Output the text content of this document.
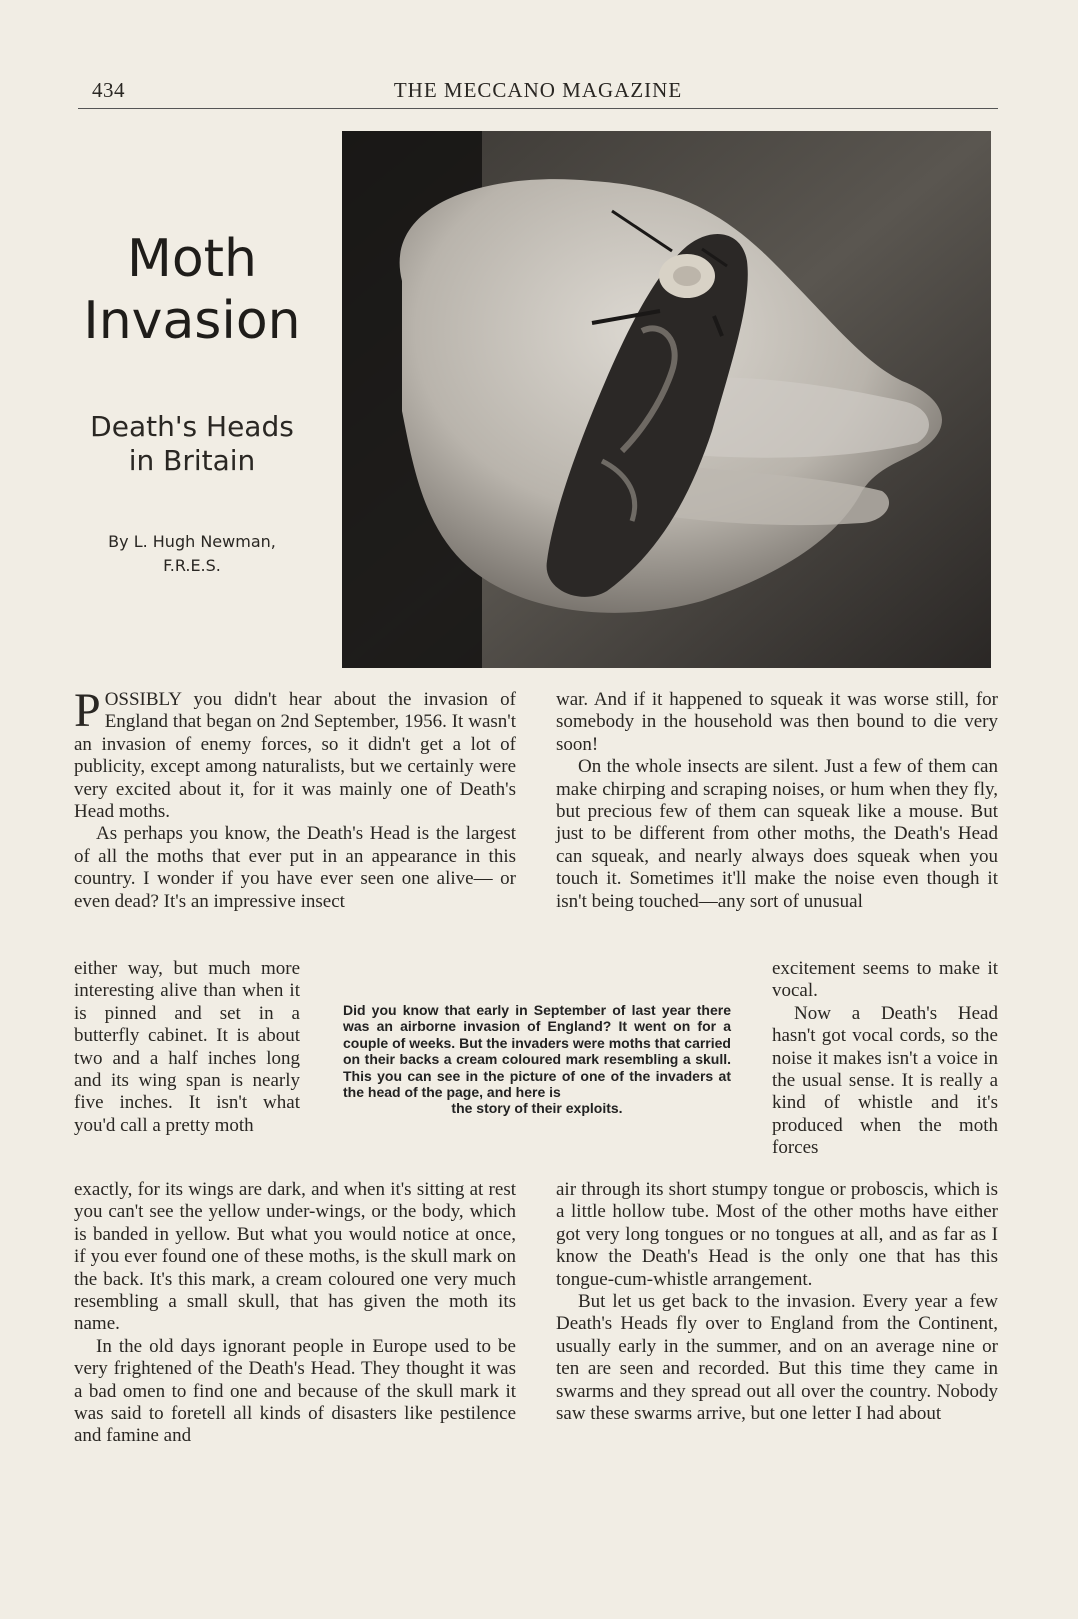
434	THE MECCANO MAGAZINE
Moth
Invasion
Death's Heads
in Britain
By L. Hugh Newman,
F.R.E.S.

POSSIBLY you didn't hear about the invasion of England that began on 2nd September, 1956. It wasn't an invasion of enemy forces, so it didn't get a lot of publicity, except among naturalists, but we certainly were very excited about it, for it was mainly one of Death's Head moths.

As perhaps you know, the Death's Head is the largest of all the moths that ever put in an appearance in this country. I wonder if you have ever seen one alive— or even dead? It's an impressive insect

either way, but much more interesting alive than when it is pinned and set in a butterfly cabinet. It is about two and a half inches long and its wing span is nearly five inches. It isn't what you'd call a pretty moth

exactly, for its wings are dark, and when it's sitting at rest you can't see the yellow under-wings, or the body, which is banded in yellow. But what you would notice at once, if you ever found one of these moths, is the skull mark on the back. It's this mark, a cream coloured one very much resembling a small skull, that has given the moth its name.

In the old days ignorant people in Europe used to be very frightened of the Death's Head. They thought it was a bad omen to find one and because of the skull mark it was said to foretell all kinds of disasters like pestilence and famine and

war. And if it happened to squeak it was worse still, for somebody in the household was then bound to die very soon!

On the whole insects are silent. Just a few of them can make chirping and scraping noises, or hum when they fly, but precious few of them can squeak like a mouse. But just to be different from other moths, the Death's Head can squeak, and nearly always does squeak when you touch it. Sometimes it'll make the noise even though it isn't being touched—any sort of unusual

excitement seems to make it vocal.

Now a Death's Head hasn't got vocal cords, so the noise it makes isn't a voice in the usual sense. It is really a kind of whistle and it's produced when the moth forces

air through its short stumpy tongue or proboscis, which is a little hollow tube. Most of the other moths have either got very long tongues or no tongues at all, and as far as I know the Death's Head is the only one that has this tongue-cum-whistle arrangement.

But let us get back to the invasion. Every year a few Death's Heads fly over to England from the Continent, usually early in the summer, and on an average nine or ten are seen and recorded. But this time they came in swarms and they spread out all over the country. Nobody saw these swarms arrive, but one letter I had about

Did you know that early in September of last year there was an airborne invasion of England? It went on for a couple of weeks. But the invaders were moths that carried on their backs a cream coloured mark resembling a skull. This you can see in the picture of one of the invaders at the head of the page, and here is
the story of their exploits.
